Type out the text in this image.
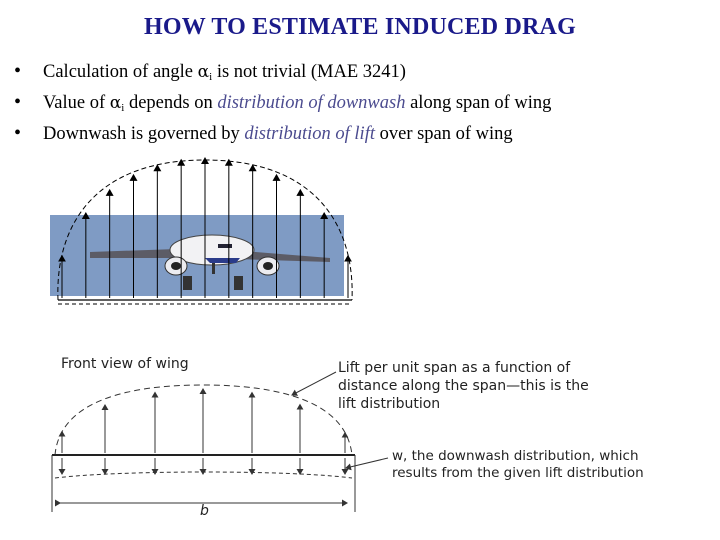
HOW TO ESTIMATE INDUCED DRAG
•	Calculation of angle αi is not trivial (MAE 3241)
•	Value of αi depends on distribution of downwash along span of wing
•	Downwash is governed by distribution of lift over span of wing
Front view of wing
b
Lift per unit span as a function of
distance along the span—this is the
lift distribution
w, the downwash distribution, which
results from the given lift distribution
